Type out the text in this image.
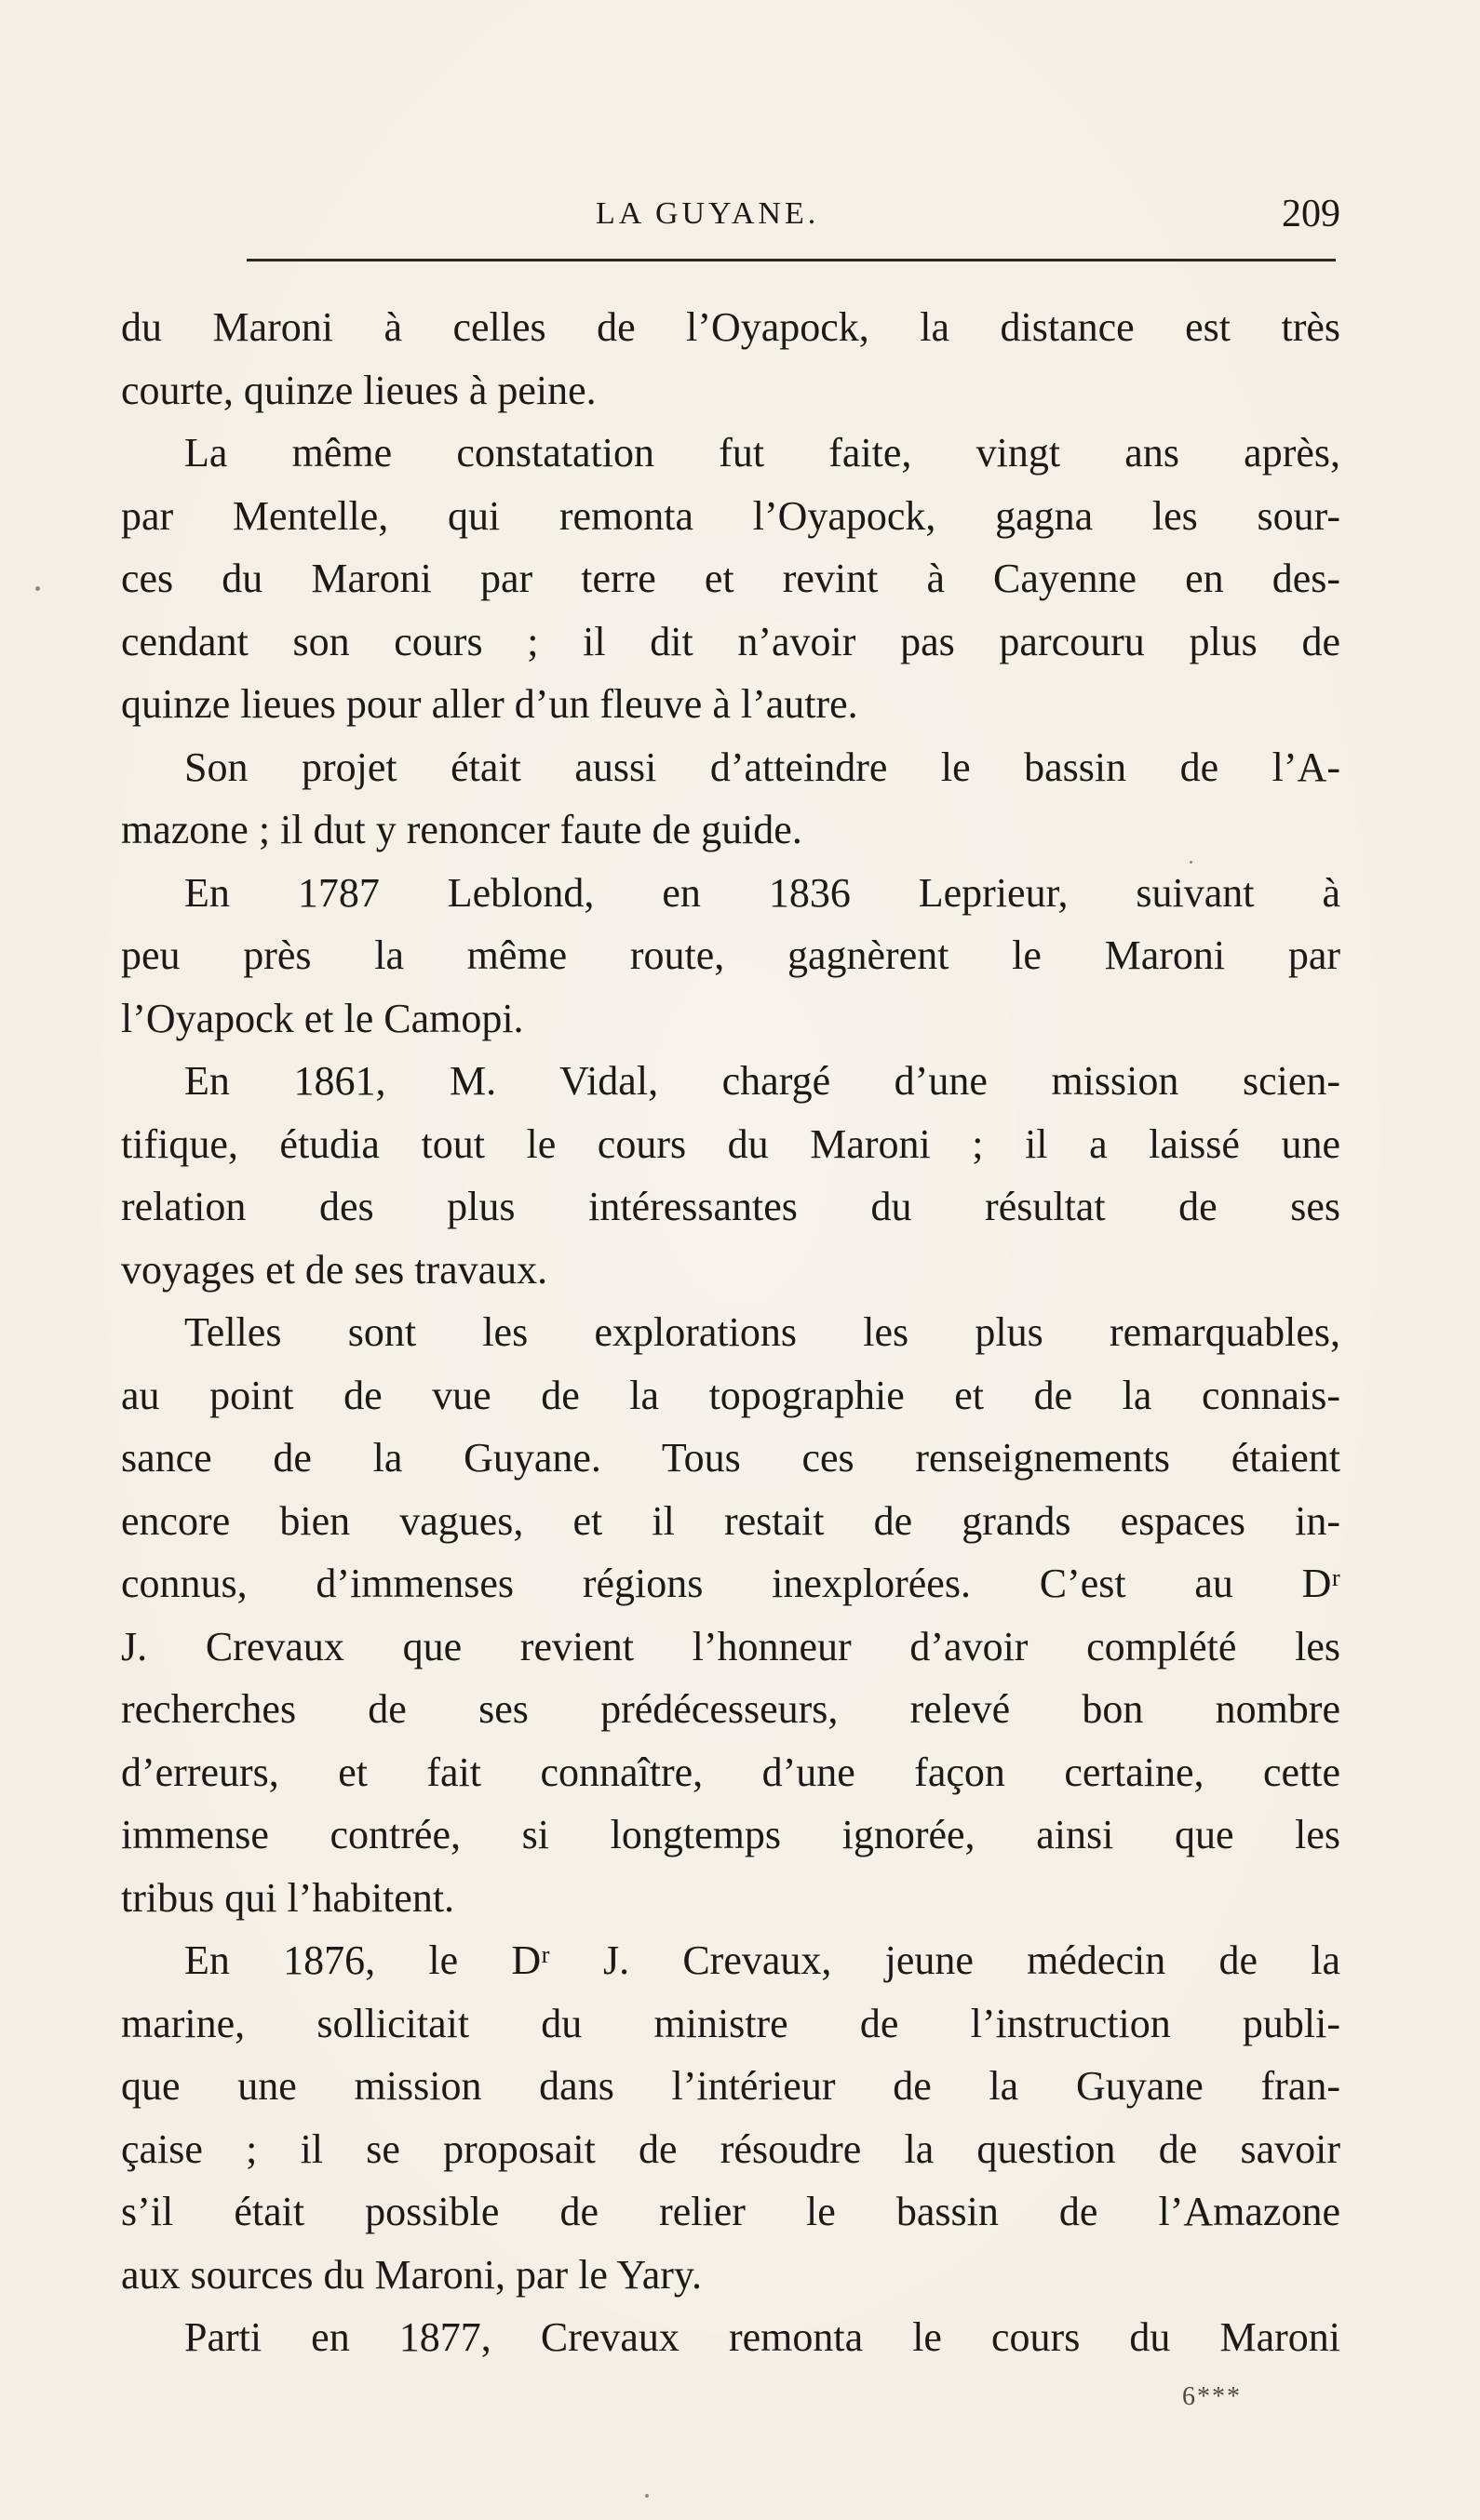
LA GUYANE.	209
du Maroni à celles de l’Oyapock, la distance est très
courte, quinze lieues à peine.
La même constatation fut faite, vingt ans après,
par Mentelle, qui remonta l’Oyapock, gagna les sour-
ces du Maroni par terre et revint à Cayenne en des-
cendant son cours ; il dit n’avoir pas parcouru plus de
quinze lieues pour aller d’un fleuve à l’autre.
Son projet était aussi d’atteindre le bassin de l’A-
mazone ; il dut y renoncer faute de guide.
En 1787 Leblond, en 1836 Leprieur, suivant à
peu près la même route, gagnèrent le Maroni par
l’Oyapock et le Camopi.
En 1861, M. Vidal, chargé d’une mission scien-
tifique, étudia tout le cours du Maroni ; il a laissé une
relation des plus intéressantes du résultat de ses
voyages et de ses travaux.
Telles sont les explorations les plus remarquables,
au point de vue de la topographie et de la connais-
sance de la Guyane. Tous ces renseignements étaient
encore bien vagues, et il restait de grands espaces in-
connus, d’immenses régions inexplorées. C’est au Dʳ
J. Crevaux que revient l’honneur d’avoir complété les
recherches de ses prédécesseurs, relevé bon nombre
d’erreurs, et fait connaître, d’une façon certaine, cette
immense contrée, si longtemps ignorée, ainsi que les
tribus qui l’habitent.
En 1876, le Dʳ J. Crevaux, jeune médecin de la
marine, sollicitait du ministre de l’instruction publi-
que une mission dans l’intérieur de la Guyane fran-
çaise ; il se proposait de résoudre la question de savoir
s’il était possible de relier le bassin de l’Amazone
aux sources du Maroni, par le Yary.
Parti en 1877, Crevaux remonta le cours du Maroni
6***
